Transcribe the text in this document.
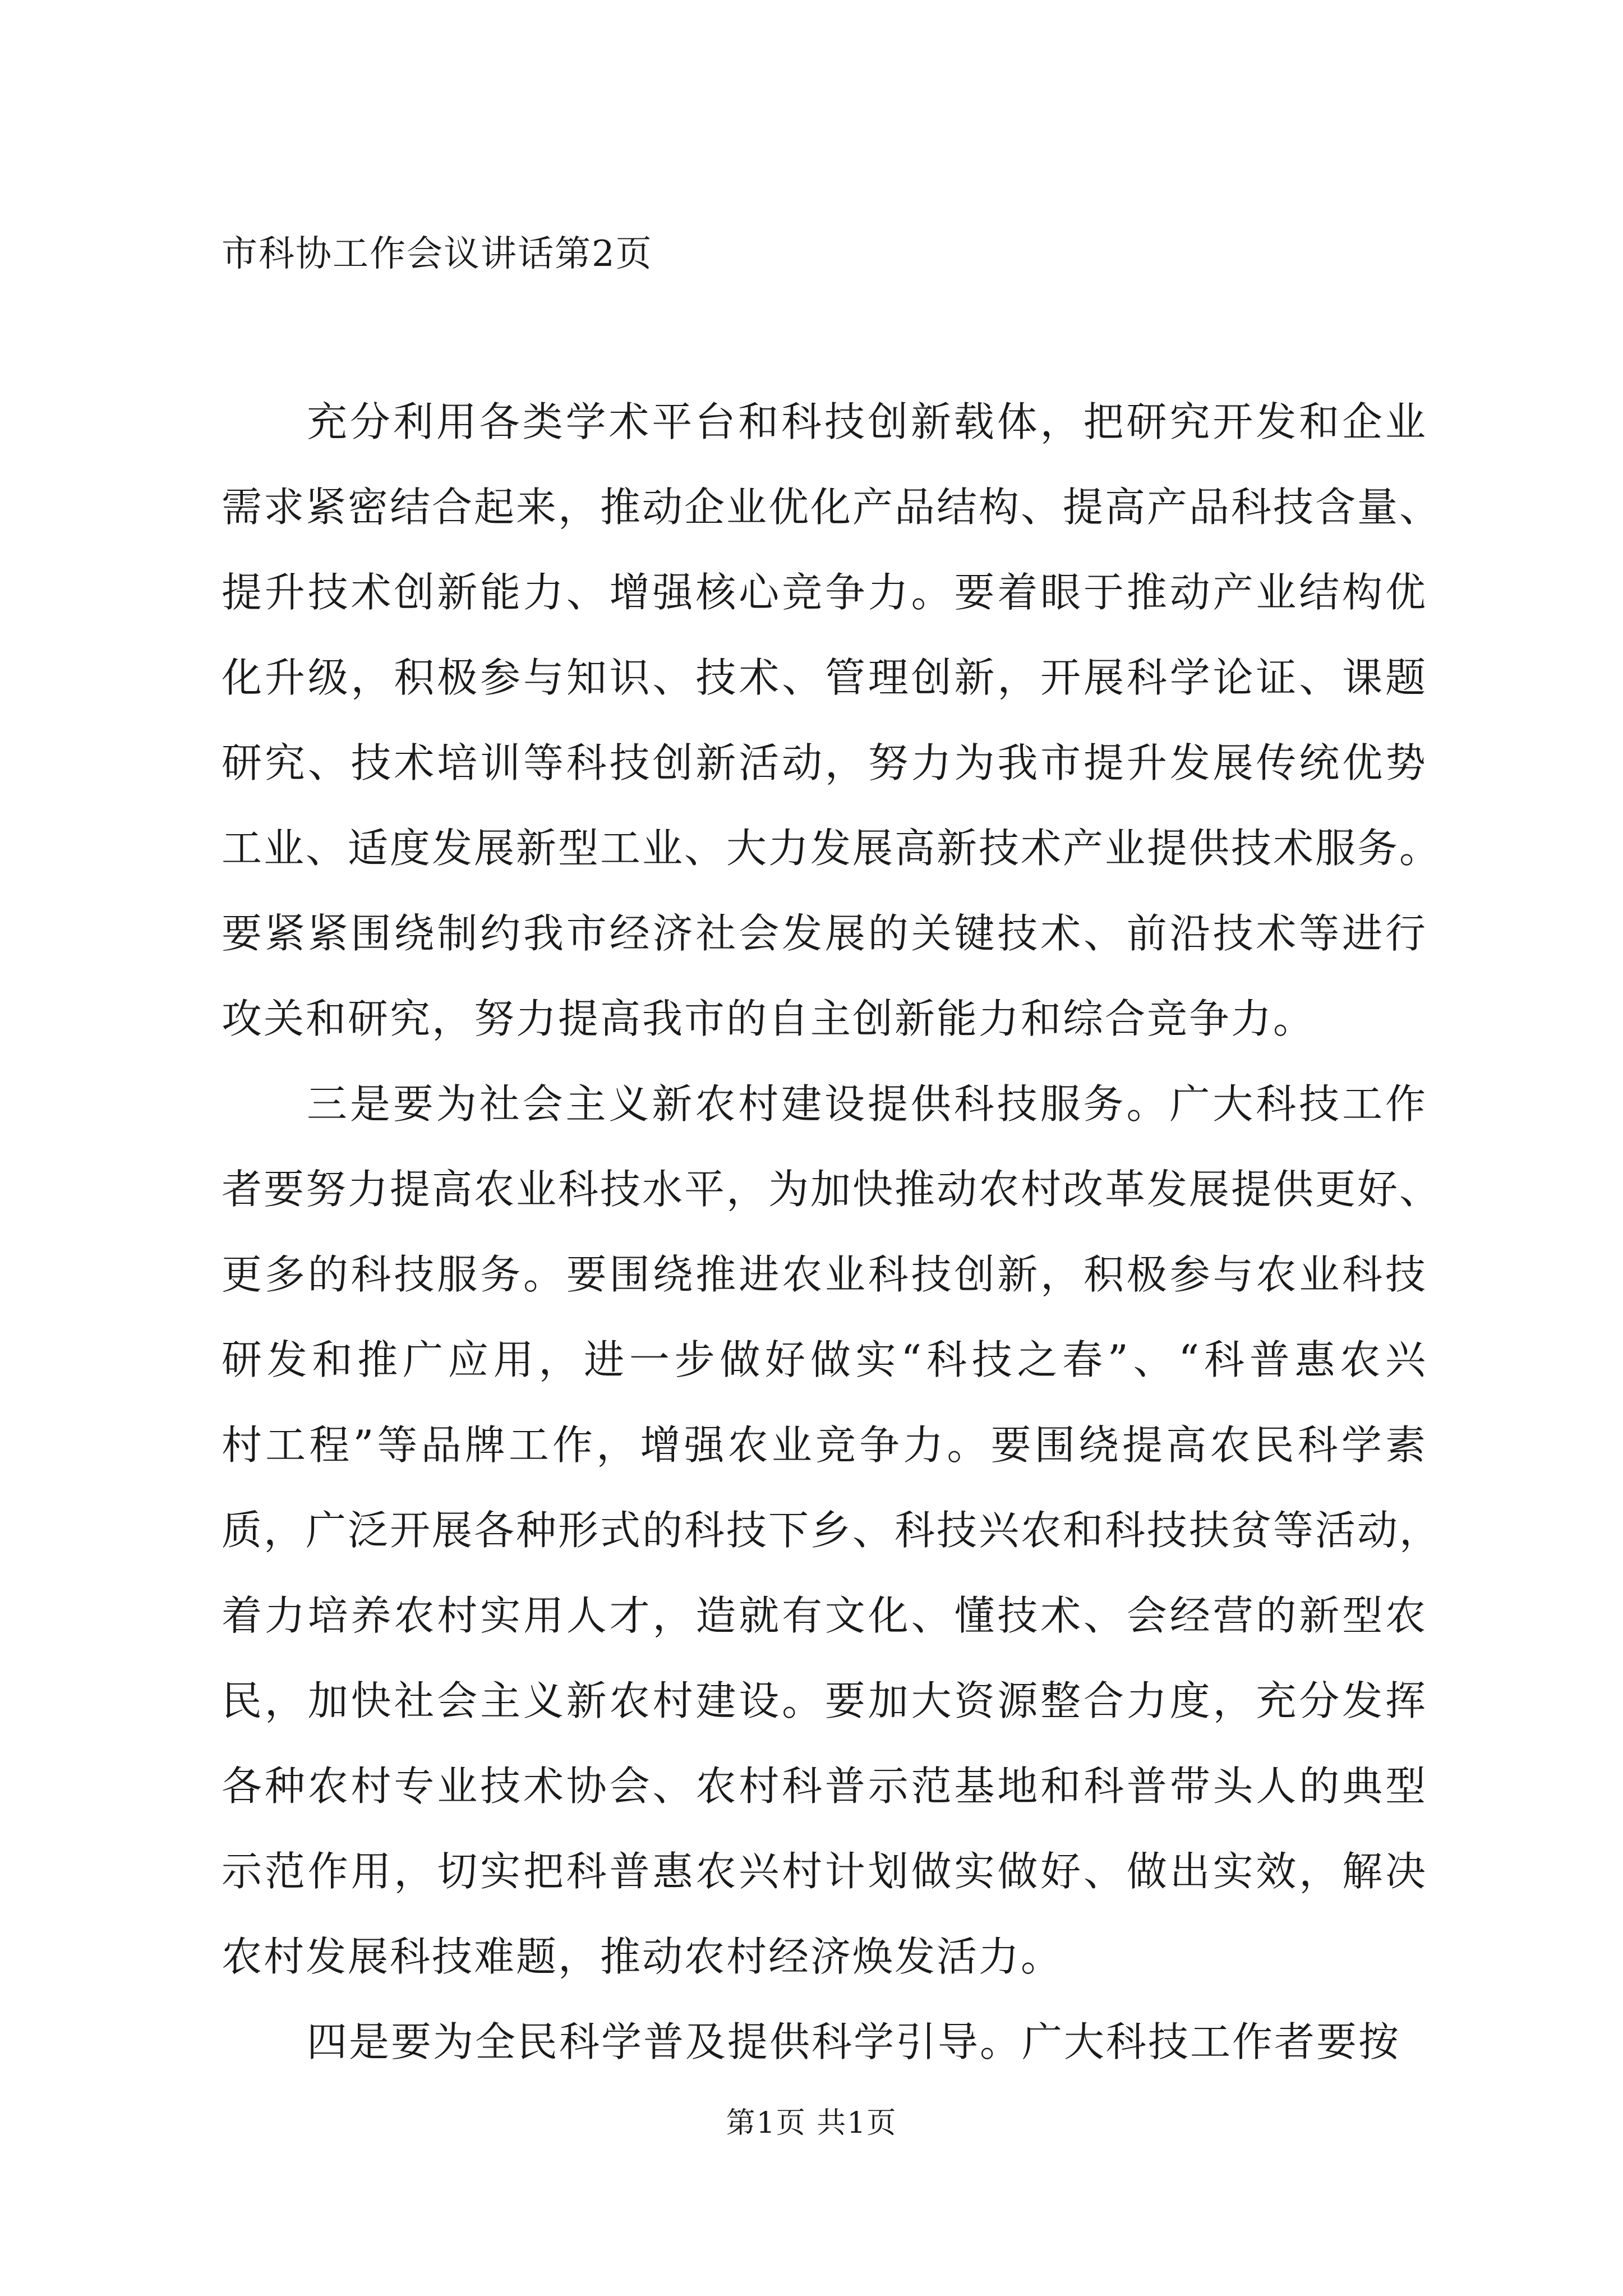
市科协工作会议讲话第2页

充分利用各类学术平台和科技创新载体，把研究开发和企业

需求紧密结合起来，推动企业优化产品结构、提高产品科技含量、

提升技术创新能力、增强核心竞争力。要着眼于推动产业结构优

化升级，积极参与知识、技术、管理创新，开展科学论证、课题

研究、技术培训等科技创新活动，努力为我市提升发展传统优势

工业、适度发展新型工业、大力发展高新技术产业提供技术服务。

要紧紧围绕制约我市经济社会发展的关键技术、前沿技术等进行

攻关和研究，努力提高我市的自主创新能力和综合竞争力。

三是要为社会主义新农村建设提供科技服务。广大科技工作

者要努力提高农业科技水平，为加快推动农村改革发展提供更好、

更多的科技服务。要围绕推进农业科技创新，积极参与农业科技

研发和推广应用，进一步做好做实“科技之春”、“科普惠农兴

村工程”等品牌工作，增强农业竞争力。要围绕提高农民科学素

质，广泛开展各种形式的科技下乡、科技兴农和科技扶贫等活动，

着力培养农村实用人才，造就有文化、懂技术、会经营的新型农

民，加快社会主义新农村建设。要加大资源整合力度，充分发挥

各种农村专业技术协会、农村科普示范基地和科普带头人的典型

示范作用，切实把科普惠农兴村计划做实做好、做出实效，解决

农村发展科技难题，推动农村经济焕发活力。

四是要为全民科学普及提供科学引导。广大科技工作者要按

第1页 共1页
